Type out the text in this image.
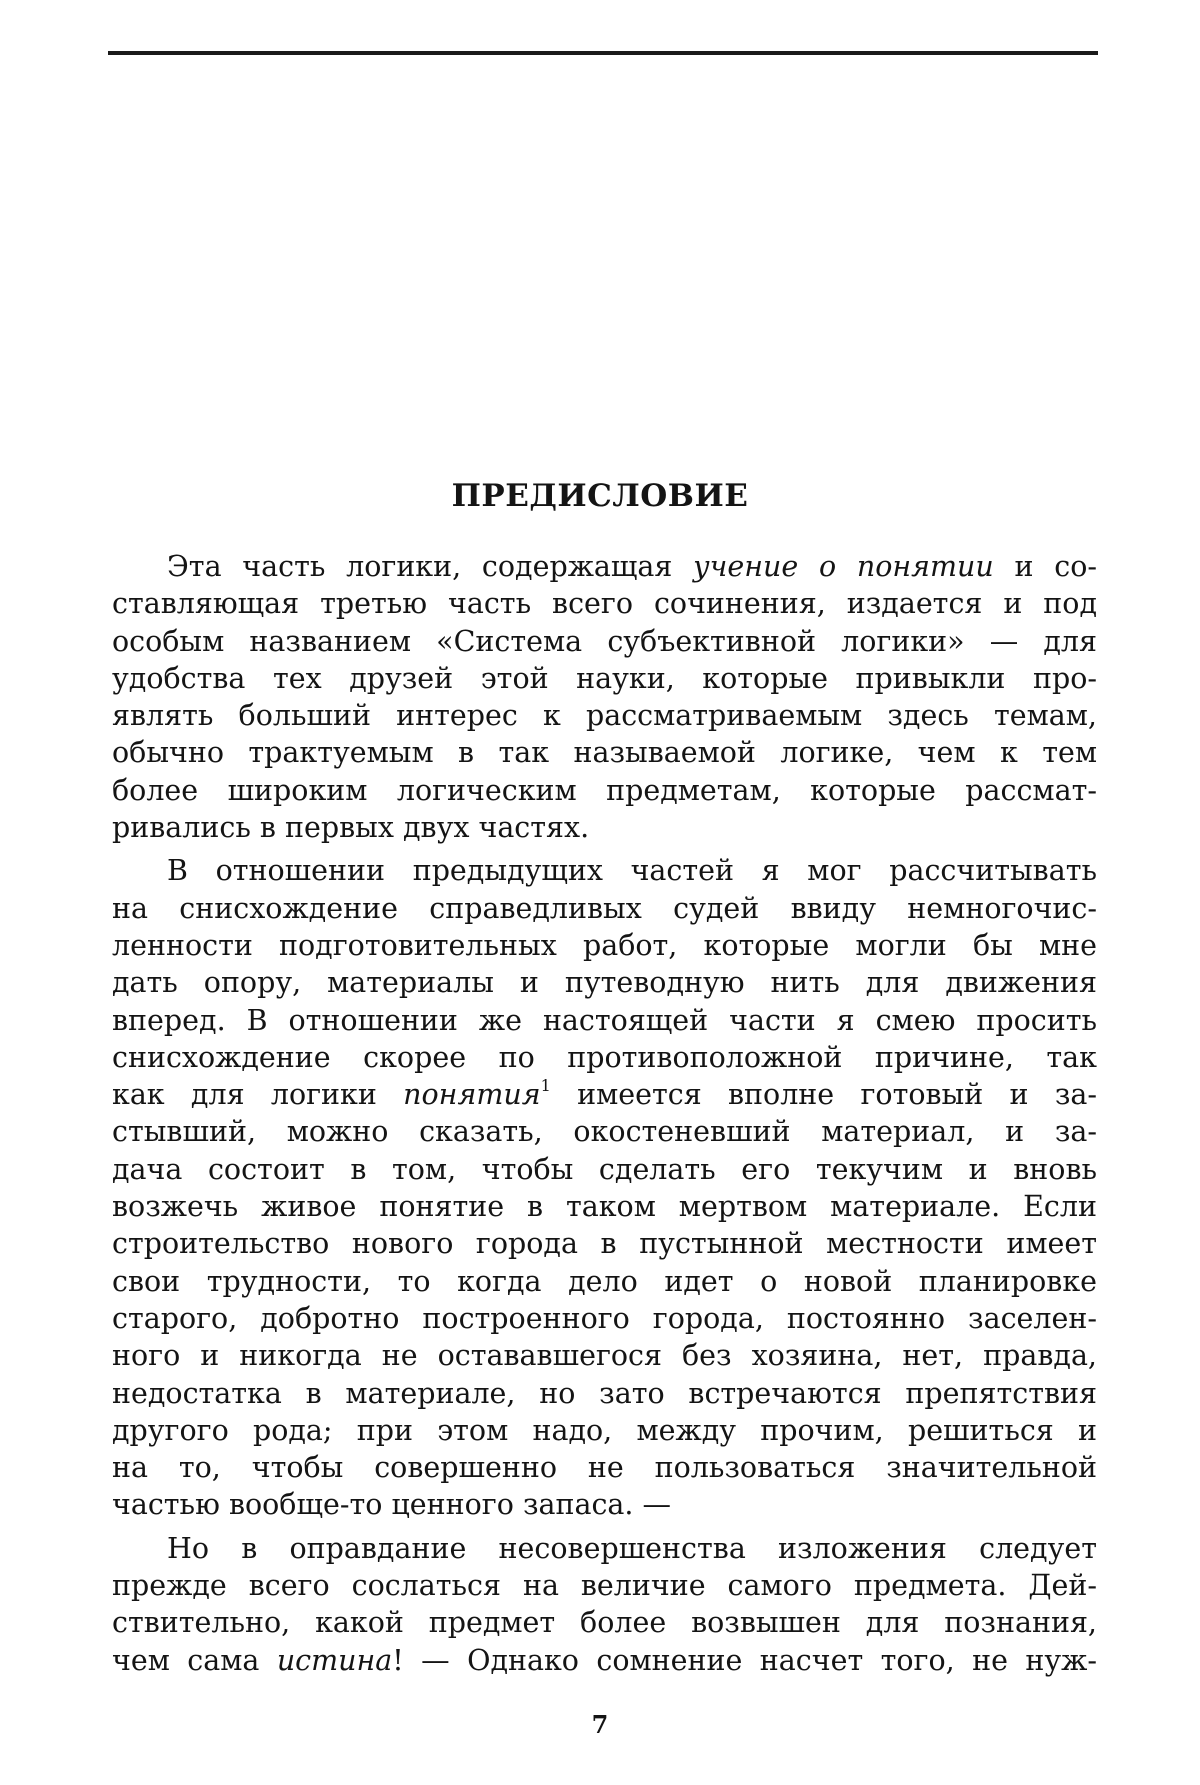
ПРЕДИСЛОВИЕ
Эта часть логики, содержащая учение о понятии и со-
ставляющая третью часть всего сочинения, издается и под
особым названием «Система субъективной логики» — для
удобства тех друзей этой науки, которые привыкли про-
являть больший интерес к рассматриваемым здесь темам,
обычно трактуемым в так называемой логике, чем к тем
более широким логическим предметам, которые рассмат-
ривались в первых двух частях.
В отношении предыдущих частей я мог рассчитывать
на снисхождение справедливых судей ввиду немногочис-
ленности подготовительных работ, которые могли бы мне
дать опору, материалы и путеводную нить для движения
вперед. В отношении же настоящей части я смею просить
снисхождение скорее по противоположной причине, так
как для логики понятия$^1$ имеется вполне готовый и за-
стывший, можно сказать, окостеневший материал, и за-
дача состоит в том, чтобы сделать его текучим и вновь
возжечь живое понятие в таком мертвом материале. Если
строительство нового города в пустынной местности имеет
свои трудности, то когда дело идет о новой планировке
старого, добротно построенного города, постоянно заселен-
ного и никогда не остававшегося без хозяина, нет, правда,
недостатка в материале, но зато встречаются препятствия
другого рода; при этом надо, между прочим, решиться и
на то, чтобы совершенно не пользоваться значительной
частью вообще-то ценного запаса. —
Но в оправдание несовершенства изложения следует
прежде всего сослаться на величие самого предмета. Дей-
ствительно, какой предмет более возвышен для познания,
чем сама истина! — Однако сомнение насчет того, не нуж-
7
